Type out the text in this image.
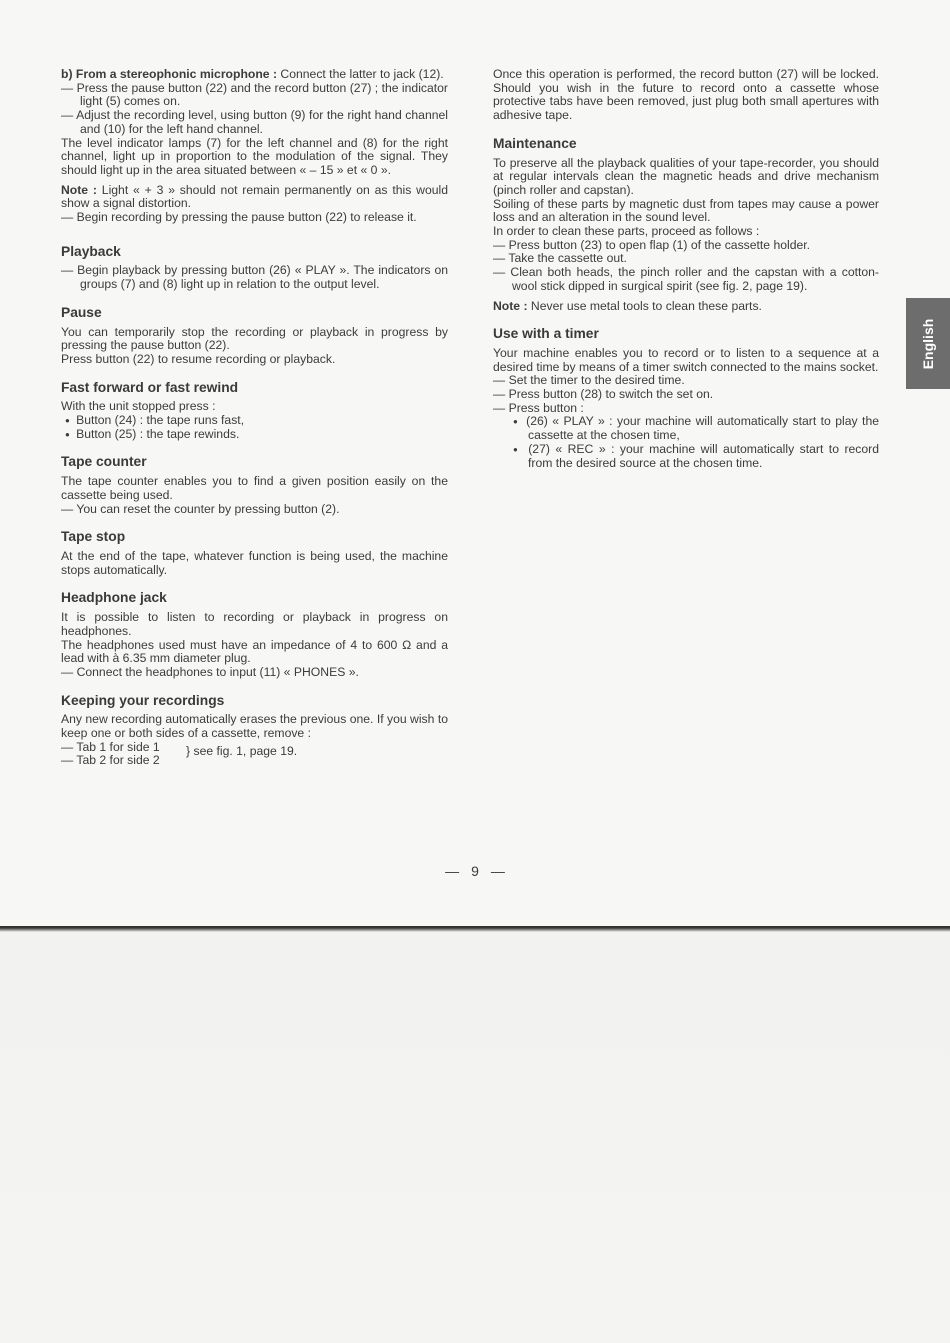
b) From a stereophonic microphone : Connect the latter to jack (12).

— Press the pause button (22) and the record button (27) ; the indicator light (5) comes on.

— Adjust the recording level, using button (9) for the right hand channel and (10) for the left hand channel.

The level indicator lamps (7) for the left channel and (8) for the right channel, light up in proportion to the modulation of the signal. They should light up in the area situated between « – 15 » et « 0 ».

Note : Light « + 3 » should not remain permanently on as this would show a signal distortion.

— Begin recording by pressing the pause button (22) to release it.

Playback

— Begin playback by pressing button (26) « PLAY ». The indicators on groups (7) and (8) light up in relation to the output level.

Pause

You can temporarily stop the recording or playback in progress by pressing the pause button (22).

Press button (22) to resume recording or playback.

Fast forward or fast rewind

With the unit stopped press :

● Button (24) : the tape runs fast,

● Button (25) : the tape rewinds.

Tape counter

The tape counter enables you to find a given position easily on the cassette being used.

— You can reset the counter by pressing button (2).

Tape stop

At the end of the tape, whatever function is being used, the machine stops automatically.

Headphone jack

It is possible to listen to recording or playback in progress on headphones.

The headphones used must have an impedance of 4 to 600 Ω and a lead with à 6.35 mm diameter plug.

— Connect the headphones to input (11) « PHONES ».

Keeping your recordings

Any new recording automatically erases the previous one. If you wish to keep one or both sides of a cassette, remove :

— Tab 1 for side 1

— Tab 2 for side 2

} see fig. 1, page 19.

Once this operation is performed, the record button (27) will be locked. Should you wish in the future to record onto a cassette whose protective tabs have been removed, just plug both small apertures with adhesive tape.

Maintenance

To preserve all the playback qualities of your tape-recorder, you should at regular intervals clean the magnetic heads and drive mechanism (pinch roller and capstan).

Soiling of these parts by magnetic dust from tapes may cause a power loss and an alteration in the sound level.

In order to clean these parts, proceed as follows :

— Press button (23) to open flap (1) of the cassette holder.

— Take the cassette out.

— Clean both heads, the pinch roller and the capstan with a cotton-wool stick dipped in surgical spirit (see fig. 2, page 19).

Note : Never use metal tools to clean these parts.

Use with a timer

Your machine enables you to record or to listen to a sequence at a desired time by means of a timer switch connected to the mains socket.

— Set the timer to the desired time.

— Press button (28) to switch the set on.

— Press button :

● (26) « PLAY » : your machine will automatically start to play the cassette at the chosen time,

● (27) « REC » : your machine will automatically start to record from the desired source at the chosen time.

English
— 9 —
